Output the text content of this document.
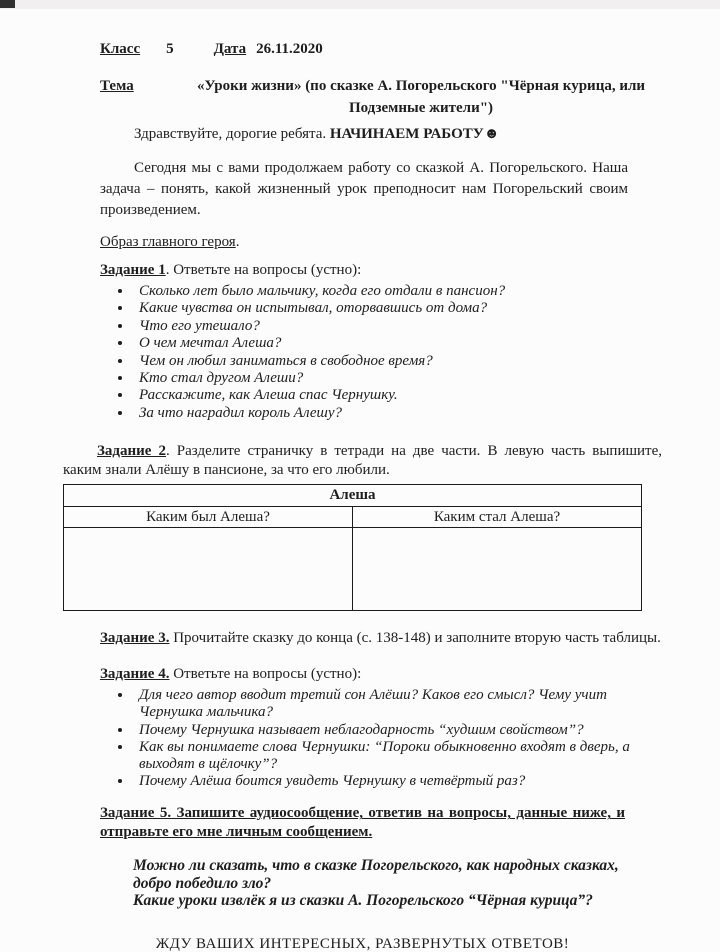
Класс 5	Дата 26.11.2020
Тема	«Уроки жизни» (по сказке А. Погорельского "Чёрная курица, или Подземные жители")

Здравствуйте, дорогие ребята. НАЧИНАЕМ РАБОТУ☻

Сегодня мы с вами продолжаем работу со сказкой А. Погорельского. Наша задача – понять, какой жизненный урок преподносит нам Погорельский своим произведением.

Образ главного героя.

Задание 1. Ответьте на вопросы (устно):

• Сколько лет было мальчику, когда его отдали в пансион?
• Какие чувства он испытывал, оторвавшись от дома?
• Что его утешало?
• О чем мечтал Алеша?
• Чем он любил заниматься в свободное время?
• Кто стал другом Алеши?
• Расскажите, как Алеша спас Чернушку.
• За что наградил король Алешу?

Задание 2. Разделите страничку в тетради на две части. В левую часть выпишите, каким знали Алёшу в пансионе, за что его любили.

Алеша	
Каким был Алеша?	Каким стал Алеша?

Задание 3. Прочитайте сказку до конца (с. 138-148) и заполните вторую часть таблицы.

Задание 4. Ответьте на вопросы (устно):

• Для чего автор вводит третий сон Алёши? Каков его смысл? Чему учит Чернушка мальчика?
• Почему Чернушка называет неблагодарность “худшим свойством”?
• Как вы понимаете слова Чернушки: “Пороки обыкновенно входят в дверь, а выходят в щёлочку”?
• Почему Алёша боится увидеть Чернушку в четвёртый раз?

Задание 5. Запишите аудиосообщение, ответив на вопросы, данные ниже, и отправьте его мне личным сообщением.

Можно ли сказать, что в сказке Погорельского, как народных сказках, добро победило зло?
Какие уроки извлёк я из сказки А. Погорельского “Чёрная курица”?

ЖДУ ВАШИХ ИНТЕРЕСНЫХ, РАЗВЕРНУТЫХ ОТВЕТОВ!
